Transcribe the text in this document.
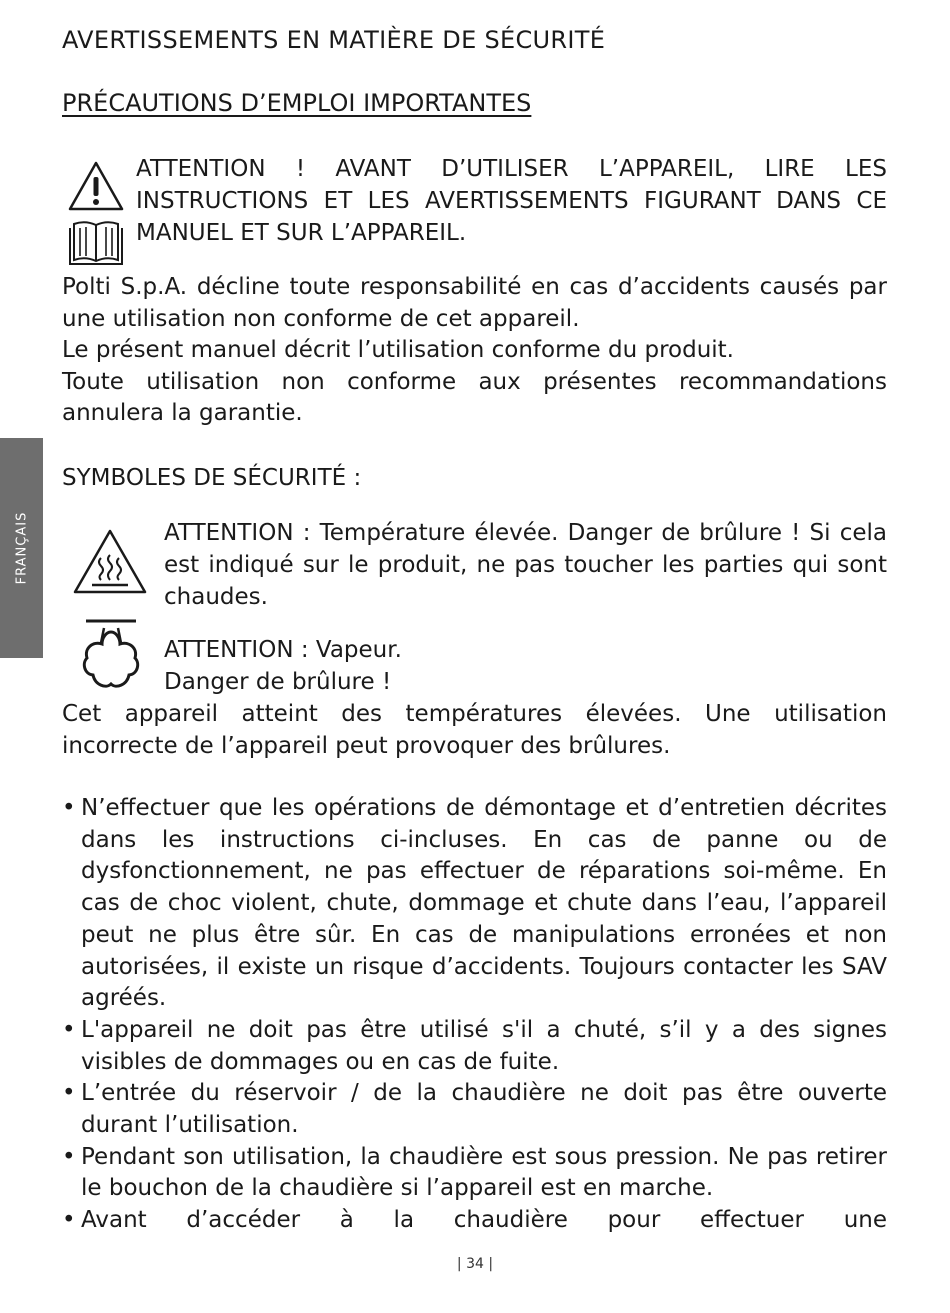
FRANÇAIS
AVERTISSEMENTS EN MATIÈRE DE SÉCURITÉ
PRÉCAUTIONS D’EMPLOI IMPORTANTES
ATTENTION ! AVANT D’UTILISER L’APPAREIL, LIRE LES INSTRUCTIONS ET LES AVERTISSEMENTS FIGURANT DANS CE MANUEL ET SUR L’APPAREIL.

Polti S.p.A. décline toute responsabilité en cas d’accidents causés par une utilisation non conforme de cet appareil.

Le présent manuel décrit l’utilisation conforme du produit.

Toute utilisation non conforme aux présentes recommandations annulera la garantie.

SYMBOLES DE SÉCURITÉ :
ATTENTION : Température élevée. Danger de brûlure ! Si cela est indiqué sur le produit, ne pas toucher les parties qui sont chaudes.

ATTENTION : Vapeur.

Danger de brûlure !

Cet appareil atteint des températures élevées. Une utilisation incorrecte de l’appareil peut provoquer des brûlures.
• N’effectuer que les opérations de démontage et d’entretien décrites dans les instructions ci-incluses. En cas de panne ou de dysfonctionnement, ne pas effectuer de réparations soi-même. En cas de choc violent, chute, dommage et chute dans l’eau, l’appareil peut ne plus être sûr. En cas de manipulations erronées et non autorisées, il existe un risque d’accidents. Toujours contacter les SAV agréés.
• L'appareil ne doit pas être utilisé s'il a chuté, s’il y a des signes visibles de dommages ou en cas de fuite.
• L’entrée du réservoir / de la chaudière ne doit pas être ouverte durant l’utilisation.
• Pendant son utilisation, la chaudière est sous pression. Ne pas retirer le bouchon de la chaudière si l’appareil est en marche.
• Avant d’accéder à la chaudière pour effectuer une
| 34 |
